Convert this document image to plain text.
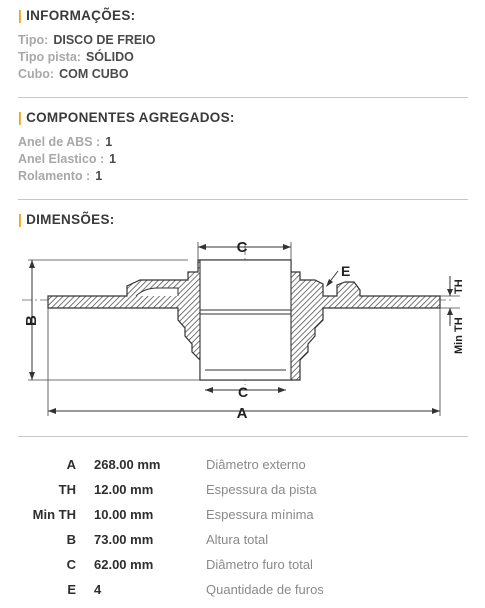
| INFORMAÇÕES:
Tipo: DISCO DE FREIO
Tipo pista: SÓLIDO
Cubo: COM CUBO
| COMPONENTES AGREGADOS:
Anel de ABS : 1
Anel Elastico : 1
Rolamento : 1
| DIMENSÕES:
B
C
C
A
E
TH
Min TH
A	268.00 mm	Diâmetro externo
TH	12.00 mm	Espessura da pista
Min TH	10.00 mm	Espessura mínima
B	73.00 mm	Altura total
C	62.00 mm	Diâmetro furo total
E	4	Quantidade de furos
